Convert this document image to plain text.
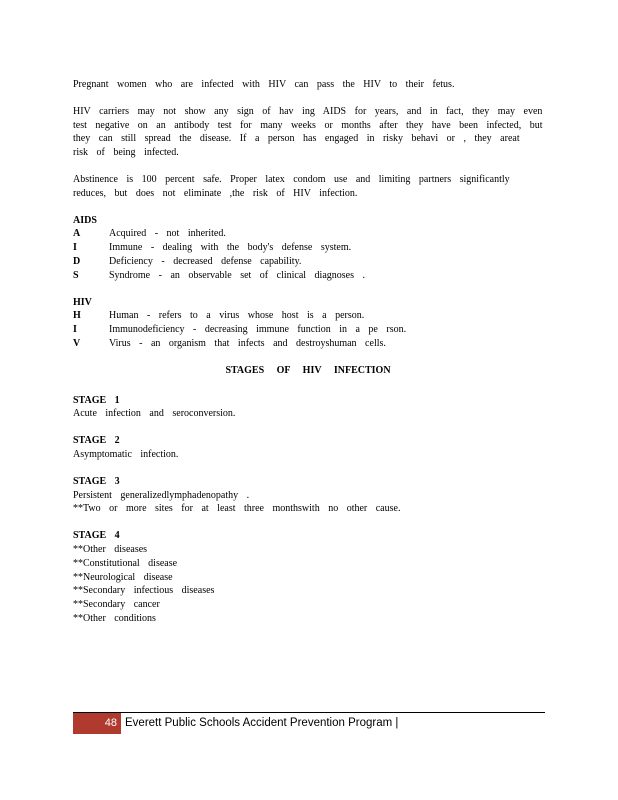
Pregnant women who are infected with HIV can pass the HIV to their fetus.

HIV carriers may not show any sign of hav ing AIDS for years, and in fact, they may even test negative on an antibody test for many weeks or months after they have been infected, but they can still spread the disease. If a person has engaged in risky behavi or , they areat risk of being infected.

Abstinence is 100 percent safe. Proper latex condom use and limiting partners significantly reduces, but does not eliminate ,the risk of HIV infection.

AIDS

A	Acquired - not inherited.
I	Immune - dealing with the body's defense system.
D	Deficiency - decreased defense capability.
S	Syndrome - an observable set of clinical diagnoses .

HIV

H	Human - refers to a virus whose host is a person.
I	Immunodeficiency - decreasing immune function in a pe rson.
V	Virus - an organism that infects and destroyshuman cells.

STAGES OF HIV INFECTION

STAGE 1

Acute infection and seroconversion.

STAGE 2

Asymptomatic infection.

STAGE 3

Persistent generalizedlymphadenopathy .

**Two or more sites for at least three monthswith no other cause.

STAGE 4

**Other diseases

**Constitutional disease

**Neurological disease

**Secondary infectious diseases

**Secondary cancer

**Other conditions

48 Everett Public Schools Accident Prevention Program |
